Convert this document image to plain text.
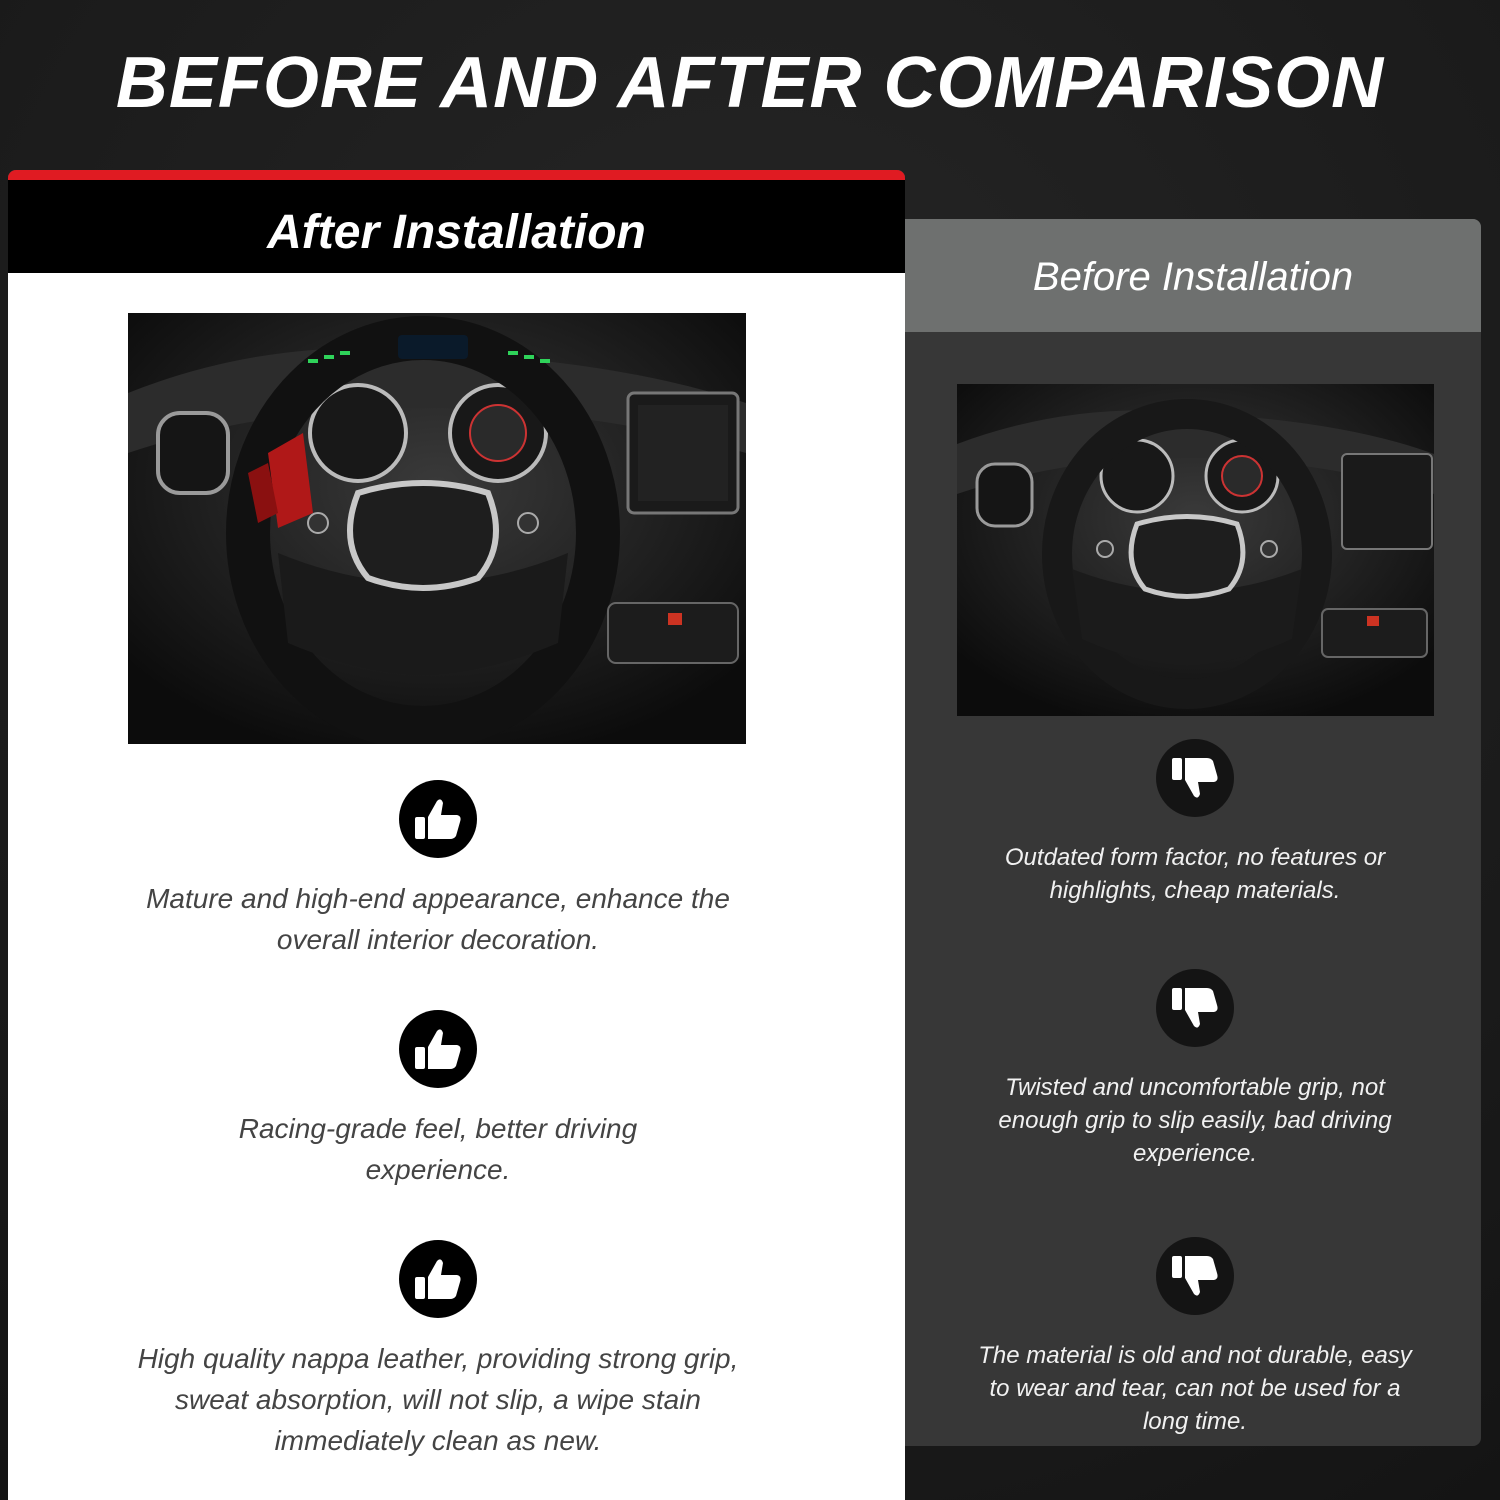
BEFORE AND AFTER COMPARISON
After Installation
Mature and high-end appearance, enhance the overall interior decoration.
Racing-grade feel, better driving experience.
High quality nappa leather, providing strong grip, sweat absorption, will not slip, a wipe stain immediately clean as new.
Before Installation
Outdated form factor, no features or highlights, cheap materials.
Twisted and uncomfortable grip, not enough grip to slip easily, bad driving experience.
The material is old and not durable, easy to wear and tear, can not be used for a long time.
